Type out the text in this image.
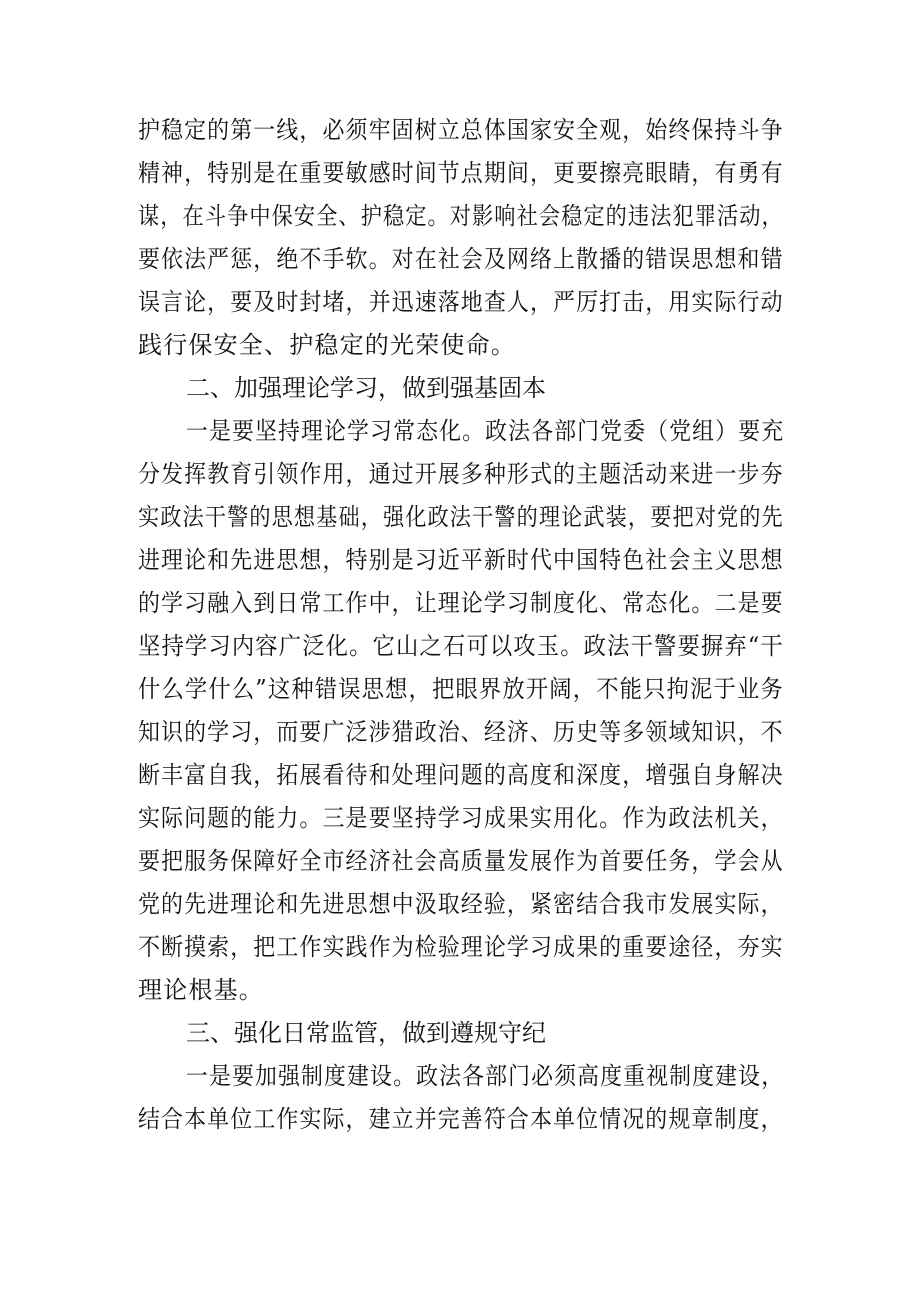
护稳定的第一线，必须牢固树立总体国家安全观，始终保持斗争
精神，特别是在重要敏感时间节点期间，更要擦亮眼睛，有勇有
谋，在斗争中保安全、护稳定。对影响社会稳定的违法犯罪活动，
要依法严惩，绝不手软。对在社会及网络上散播的错误思想和错
误言论，要及时封堵，并迅速落地查人，严厉打击，用实际行动
践行保安全、护稳定的光荣使命。
二、加强理论学习，做到强基固本
一是要坚持理论学习常态化。政法各部门党委（党组）要充
分发挥教育引领作用，通过开展多种形式的主题活动来进一步夯
实政法干警的思想基础，强化政法干警的理论武装，要把对党的先
进理论和先进思想，特别是习近平新时代中国特色社会主义思想
的学习融入到日常工作中，让理论学习制度化、常态化。二是要
坚持学习内容广泛化。它山之石可以攻玉。政法干警要摒弃“干
什么学什么”这种错误思想，把眼界放开阔，不能只拘泥于业务
知识的学习，而要广泛涉猎政治、经济、历史等多领域知识，不
断丰富自我，拓展看待和处理问题的高度和深度，增强自身解决
实际问题的能力。三是要坚持学习成果实用化。作为政法机关，
要把服务保障好全市经济社会高质量发展作为首要任务，学会从
党的先进理论和先进思想中汲取经验，紧密结合我市发展实际，
不断摸索，把工作实践作为检验理论学习成果的重要途径，夯实
理论根基。
三、强化日常监管，做到遵规守纪
一是要加强制度建设。政法各部门必须高度重视制度建设，
结合本单位工作实际，建立并完善符合本单位情况的规章制度，
